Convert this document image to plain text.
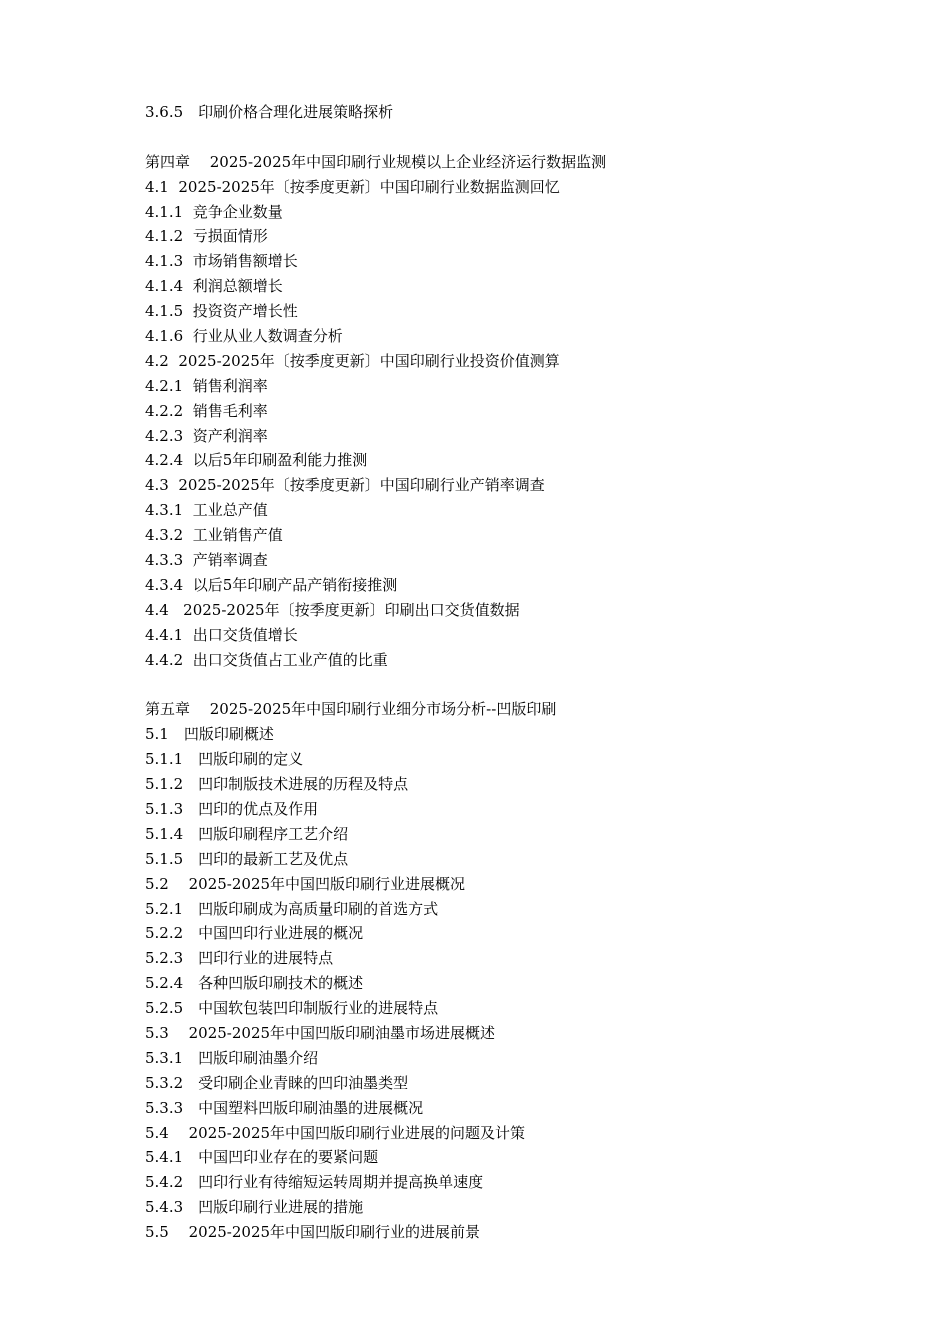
3.6.5　印刷价格合理化进展策略探析
第四章　 2025-2025年中国印刷行业规模以上企业经济运行数据监测
4.1  2025-2025年〔按季度更新〕中国印刷行业数据监测回忆
4.1.1  竞争企业数量
4.1.2  亏损面情形
4.1.3  市场销售额增长
4.1.4  利润总额增长
4.1.5  投资资产增长性
4.1.6  行业从业人数调查分析
4.2  2025-2025年〔按季度更新〕中国印刷行业投资价值测算
4.2.1  销售利润率
4.2.2  销售毛利率
4.2.3  资产利润率
4.2.4  以后5年印刷盈利能力推测
4.3  2025-2025年〔按季度更新〕中国印刷行业产销率调查
4.3.1  工业总产值
4.3.2  工业销售产值
4.3.3  产销率调查
4.3.4  以后5年印刷产品产销衔接推测
4.4   2025-2025年〔按季度更新〕印刷出口交货值数据
4.4.1  出口交货值增长
4.4.2  出口交货值占工业产值的比重
第五章　 2025-2025年中国印刷行业细分市场分析--凹版印刷
5.1　凹版印刷概述
5.1.1　凹版印刷的定义
5.1.2　凹印制版技术进展的历程及特点
5.1.3　凹印的优点及作用
5.1.4　凹版印刷程序工艺介绍
5.1.5　凹印的最新工艺及优点
5.2　 2025-2025年中国凹版印刷行业进展概况
5.2.1　凹版印刷成为高质量印刷的首选方式
5.2.2　中国凹印行业进展的概况
5.2.3　凹印行业的进展特点
5.2.4　各种凹版印刷技术的概述
5.2.5　中国软包装凹印制版行业的进展特点
5.3　 2025-2025年中国凹版印刷油墨市场进展概述
5.3.1　凹版印刷油墨介绍
5.3.2　受印刷企业青睐的凹印油墨类型
5.3.3　中国塑料凹版印刷油墨的进展概况
5.4　 2025-2025年中国凹版印刷行业进展的问题及计策
5.4.1　中国凹印业存在的要紧问题
5.4.2　凹印行业有待缩短运转周期并提高换单速度
5.4.3　凹版印刷行业进展的措施
5.5　 2025-2025年中国凹版印刷行业的进展前景
